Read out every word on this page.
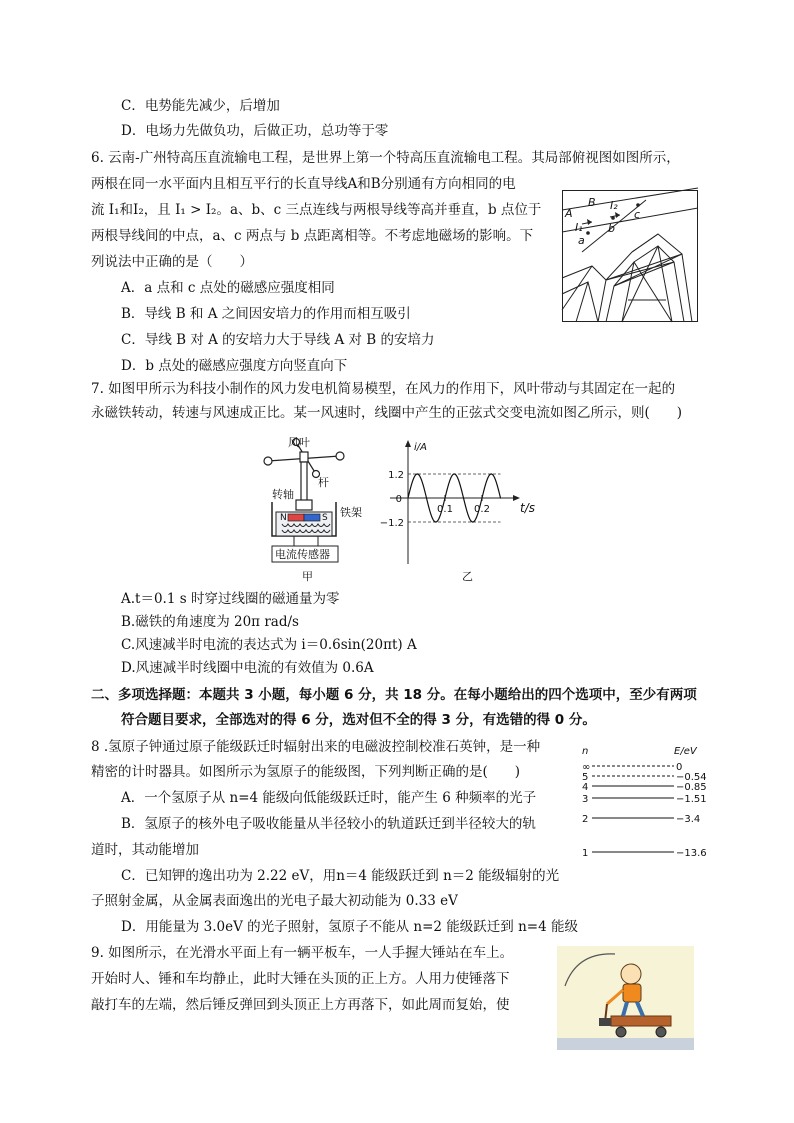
C．电势能先减少，后增加
D．电场力先做负功，后做正功，总功等于零
6. 云南-广州特高压直流输电工程，是世界上第一个特高压直流输电工程。其局部俯视图如图所示，
两根在同一水平面内且相互平行的长直导线A和B分别通有方向相同的电
流 I₁和I₂，且 I₁ > I₂。a、b、c 三点连线与两根导线等高并垂直，b 点位于
两根导线间的中点，a、c 两点与 b 点距离相等。不考虑地磁场的影响。下
列说法中正确的是（　　）
A．a 点和 c 点处的磁感应强度相同
B．导线 B 和 A 之间因安培力的作用而相互吸引
C．导线 B 对 A 的安培力大于导线 A 对 B 的安培力
D．b 点处的磁感应强度方向竖直向下
7. 如图甲所示为科技小制作的风力发电机简易模型，在风力的作用下，风叶带动与其固定在一起的
永磁铁转动，转速与风速成正比。某一风速时，线圈中产生的正弦式交变电流如图乙所示，则(　　)
A.t＝0.1 s 时穿过线圈的磁通量为零
B.磁铁的角速度为 20π rad/s
C.风速减半时电流的表达式为 i＝0.6sin(20πt) A
D.风速减半时线圈中电流的有效值为 0.6A
二、多项选择题：本题共 3 小题，每小题 6 分，共 18 分。在每小题给出的四个选项中，至少有两项
符合题目要求，全部选对的得 6 分，选对但不全的得 3 分，有选错的得 0 分。
8 .氢原子钟通过原子能级跃迁时辐射出来的电磁波控制校准石英钟，是一种
精密的计时器具。如图所示为氢原子的能级图，下列判断正确的是(　　)
A．一个氢原子从 n=4 能级向低能级跃迁时，能产生 6 种频率的光子
B．氢原子的核外电子吸收能量从半径较小的轨道跃迁到半径较大的轨
道时，其动能增加
C．已知钾的逸出功为 2.22 eV，用n＝4 能级跃迁到 n＝2 能级辐射的光
子照射金属，从金属表面逸出的光电子最大初动能为 0.33 eV
D．用能量为 3.0eV 的光子照射，氢原子不能从 n=2 能级跃迁到 n=4 能级
9. 如图所示，在光滑水平面上有一辆平板车，一人手握大锤站在车上。
开始时人、锤和车均静止，此时大锤在头顶的正上方。人用力使锤落下
敲打车的左端，然后锤反弹回到头顶正上方再落下，如此周而复始，使
B I₂
c
A
I₁ b
a
风叶
杆
转轴
铁架
N	S
电流传感器
甲
i/A
t/s
1.2
−1.2
0
0.1 0.2
乙
n	E/eV
∞	0
5	−0.54
4	−0.85
3	−1.51
2	−3.4
1	−13.6
